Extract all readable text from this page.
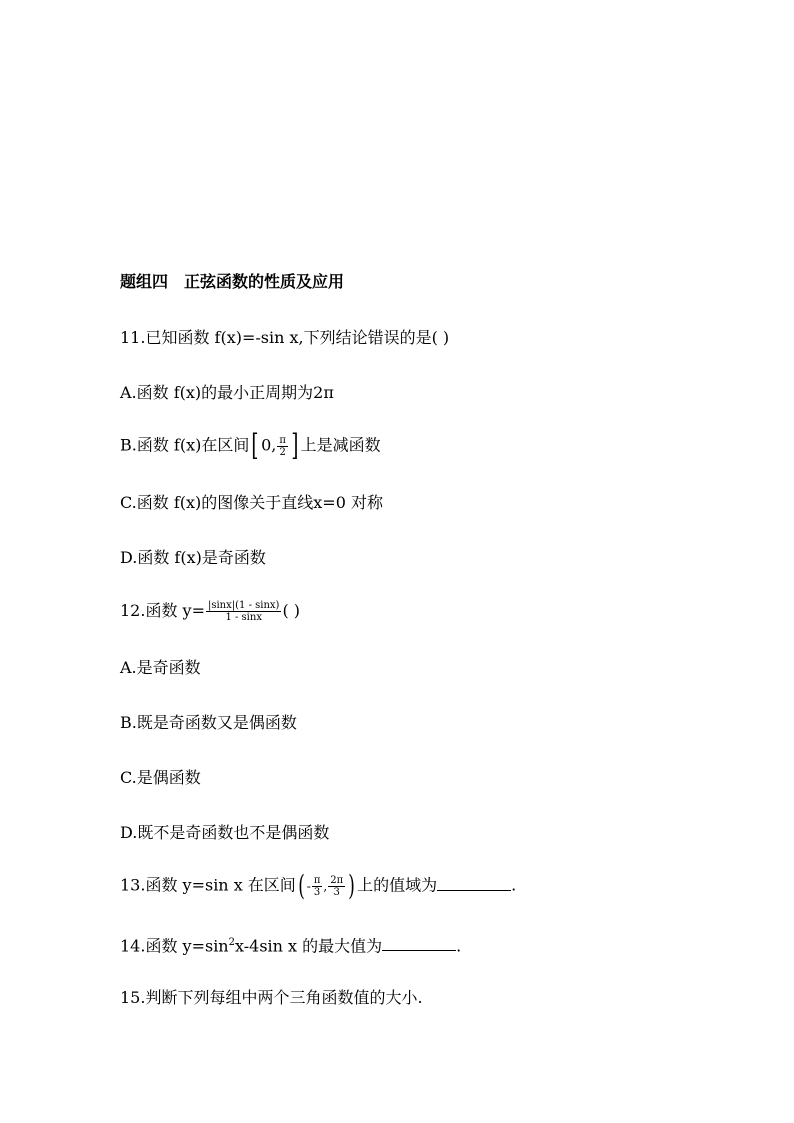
题组四　正弦函数的性质及应用
11.已知函数 f(x)=-sin x,下列结论错误的是( )
A.函数 f(x)的最小正周期为2π
B.函数 f(x)在区间[ 0, $\frac{\pi}{2}$ ] 上是减函数
C.函数 f(x)的图像关于直线x=0 对称
D.函数 f(x)是奇函数
12.函数 $y= \frac{|\sin x|(1 - \sin x)}{1 - \sin x}$ ( )
A.是奇函数
B.既是奇函数又是偶函数
C.是偶函数
D.既不是奇函数也不是偶函数
13.函数 y=sin x 在区间( - $\frac{\pi}{3}$ , $\frac{2\pi}{3}$ ) 上的值域为	.
14.函数 $y=\sin^2x-4\sin$ x 的最大值为	.
15.判断下列每组中两个三角函数值的大小.
